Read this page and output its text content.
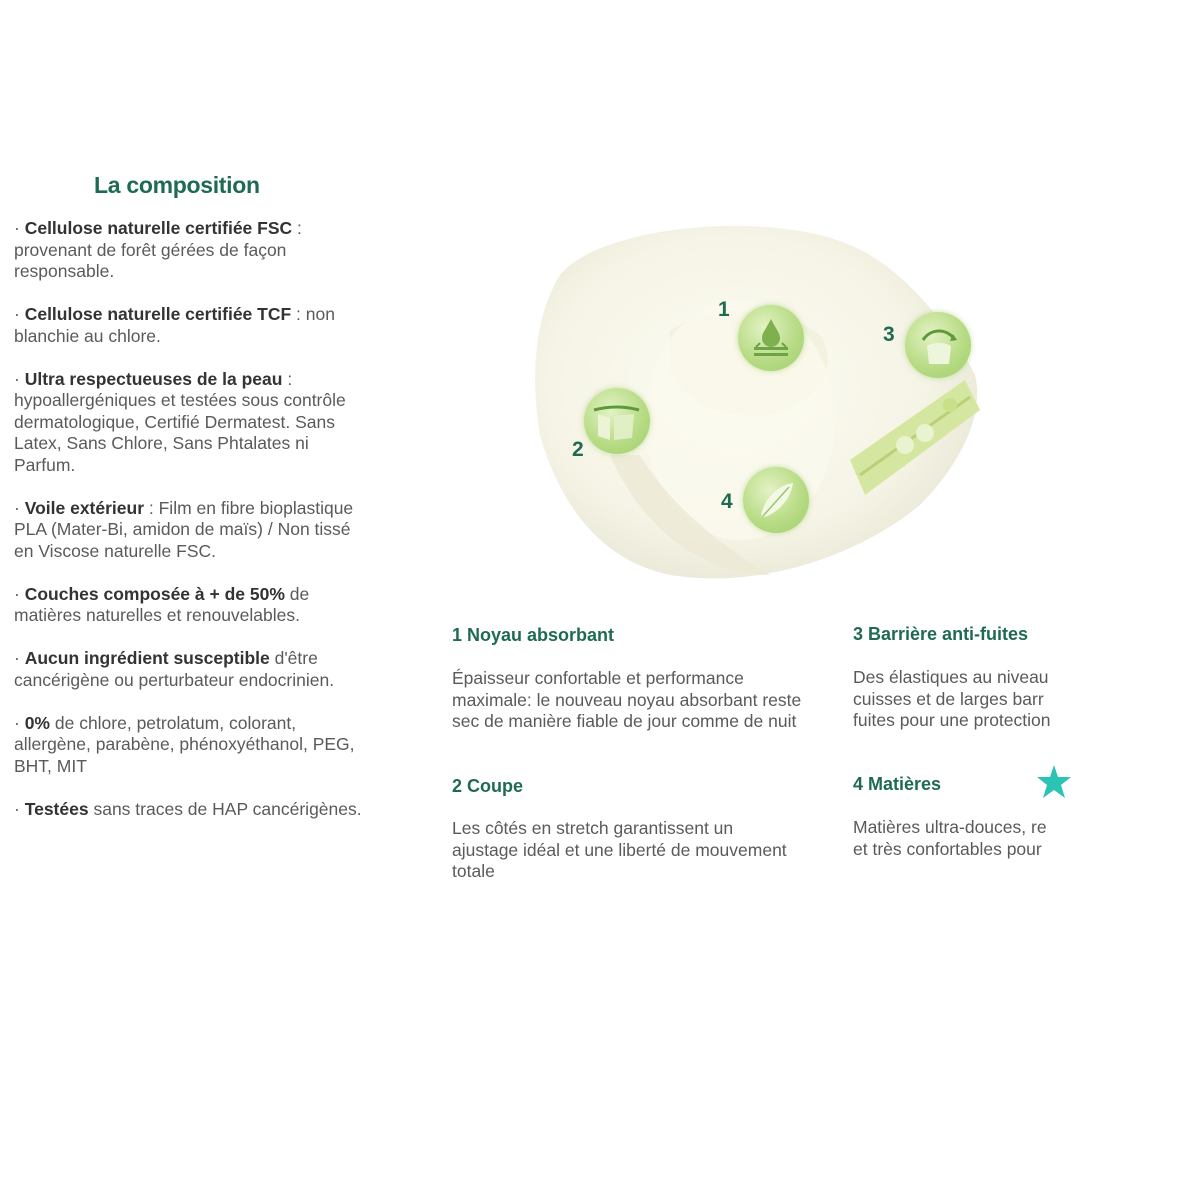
La composition

· Cellulose naturelle certifiée FSC : provenant de forêt gérées de façon responsable.

· Cellulose naturelle certifiée TCF : non blanchie au chlore.

· Ultra respectueuses de la peau : hypoallergéniques et testées sous contrôle dermatologique, Certifié Dermatest. Sans Latex, Sans Chlore, Sans Phtalates ni Parfum.

· Voile extérieur : Film en fibre bioplastique PLA (Mater-Bi, amidon de maïs) / Non tissé en Viscose naturelle FSC.

· Couches composée à + de 50% de matières naturelles et renouvelables.

· Aucun ingrédient susceptible d'être cancérigène ou perturbateur endocrinien.

· 0% de chlore, petrolatum, colorant, allergène, parabène, phénoxyéthanol, PEG, BHT, MIT

· Testées sans traces de HAP cancérigènes.

1
2
3
4
1 Noyau absorbant

Épaisseur confortable et performance maximale: le nouveau noyau absorbant reste sec de manière fiable de jour comme de nuit

2 Coupe

Les côtés en stretch garantissent un ajustage idéal et une liberté de mouvement totale

3 Barrière anti-fuites

Des élastiques au niveau

cuisses et de larges barr

fuites pour une protection

4 Matières

Matières ultra-douces, re

et très confortables pour
